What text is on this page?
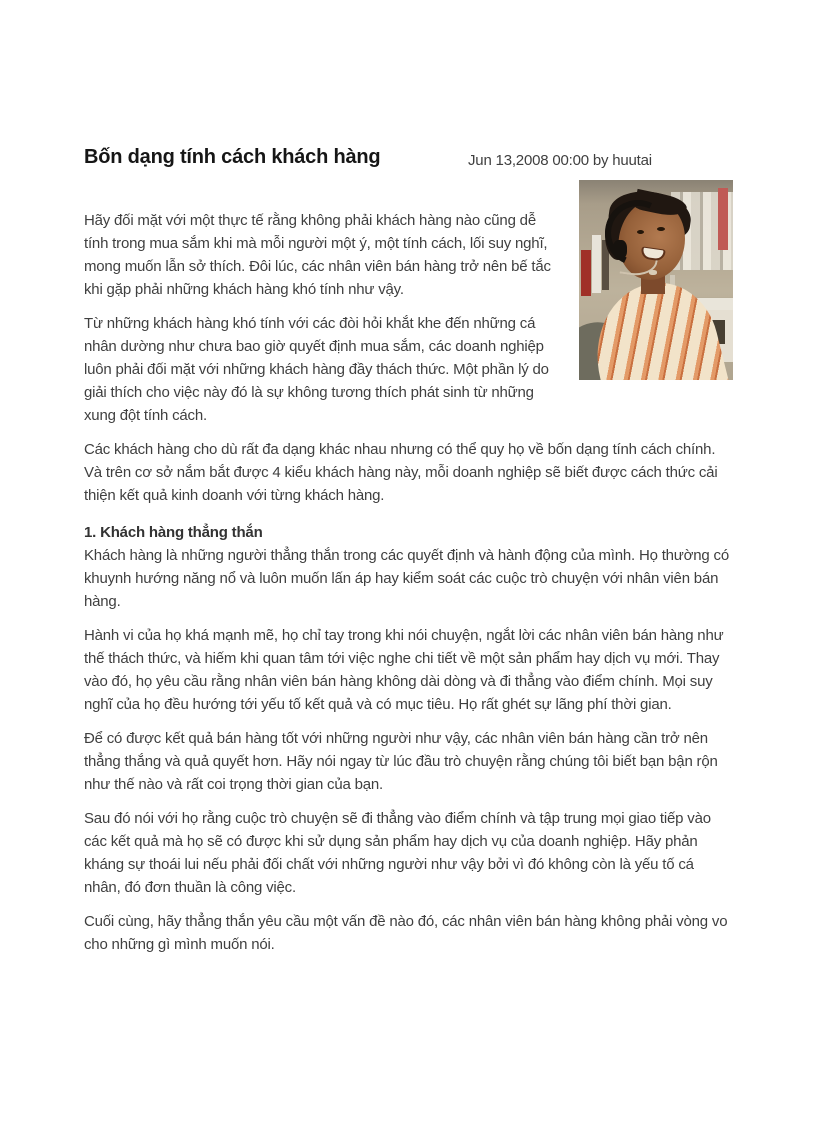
Bốn dạng tính cách khách hàng	Jun 13,2008 00:00 by huutai

Hãy đối mặt với một thực tế rằng không phải khách hàng nào cũng dễ tính trong mua sắm khi mà mỗi người một ý, một tính cách, lối suy nghĩ, mong muốn lẫn sở thích. Đôi lúc, các nhân viên bán hàng trở nên bế tắc khi gặp phải những khách hàng khó tính như vậy.

Từ những khách hàng khó tính với các đòi hỏi khắt khe đến những cá nhân dường như chưa bao giờ quyết định mua sắm, các doanh nghiệp luôn phải đối mặt với những khách hàng đầy thách thức. Một phần lý do giải thích cho việc này đó là sự không tương thích phát sinh từ những xung đột tính cách.

Các khách hàng cho dù rất đa dạng khác nhau nhưng có thể quy họ về bốn dạng tính cách chính. Và trên cơ sở nắm bắt được 4 kiểu khách hàng này, mỗi doanh nghiệp sẽ biết được cách thức cải thiện kết quả kinh doanh với từng khách hàng.

1. Khách hàng thẳng thắn

Khách hàng là những người thẳng thắn trong các quyết định và hành động của mình. Họ thường có khuynh hướng năng nổ và luôn muốn lấn áp hay kiểm soát các cuộc trò chuyện với nhân viên bán hàng.

Hành vi của họ khá mạnh mẽ, họ chỉ tay trong khi nói chuyện, ngắt lời các nhân viên bán hàng như thế thách thức, và hiếm khi quan tâm tới việc nghe chi tiết về một sản phẩm hay dịch vụ mới. Thay vào đó, họ yêu cầu rằng nhân viên bán hàng không dài dòng và đi thẳng vào điểm chính. Mọi suy nghĩ của họ đều hướng tới yếu tố kết quả và có mục tiêu. Họ rất ghét sự lãng phí thời gian.

Để có được kết quả bán hàng tốt với những người như vậy, các nhân viên bán hàng cần trở nên thẳng thắng và quả quyết hơn. Hãy nói ngay từ lúc đầu trò chuyện rằng chúng tôi biết bạn bận rộn như thế nào và rất coi trọng thời gian của bạn.

Sau đó nói với họ rằng cuộc trò chuyện sẽ đi thẳng vào điểm chính và tập trung mọi giao tiếp vào các kết quả mà họ sẽ có được khi sử dụng sản phẩm hay dịch vụ của doanh nghiệp. Hãy phản kháng sự thoái lui nếu phải đối chất với những người như vậy bởi vì đó không còn là yếu tố cá nhân, đó đơn thuần là công việc.

Cuối cùng, hãy thẳng thắn yêu cầu một vấn đề nào đó, các nhân viên bán hàng không phải vòng vo cho những gì mình muốn nói.
